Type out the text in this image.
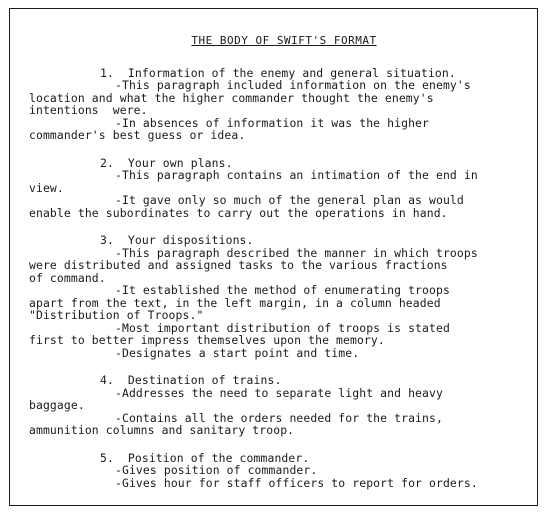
THE BODY OF SWIFT'S FORMAT
1.  Information of the enemy and general situation.
-This paragraph included information on the enemy's
location and what the higher commander thought the enemy's
intentions  were.
-In absences of information it was the higher
commander's best guess or idea.
2.  Your own plans.
-This paragraph contains an intimation of the end in
view.
-It gave only so much of the general plan as would
enable the subordinates to carry out the operations in hand.
3.  Your dispositions.
-This paragraph described the manner in which troops
were distributed and assigned tasks to the various fractions
of command.
-It established the method of enumerating troops
apart from the text, in the left margin, in a column headed
"Distribution of Troops."
-Most important distribution of troops is stated
first to better impress themselves upon the memory.
-Designates a start point and time.
4.  Destination of trains.
-Addresses the need to separate light and heavy
baggage.
-Contains all the orders needed for the trains,
ammunition columns and sanitary troop.
5.  Position of the commander.
-Gives position of commander.
-Gives hour for staff officers to report for orders.
